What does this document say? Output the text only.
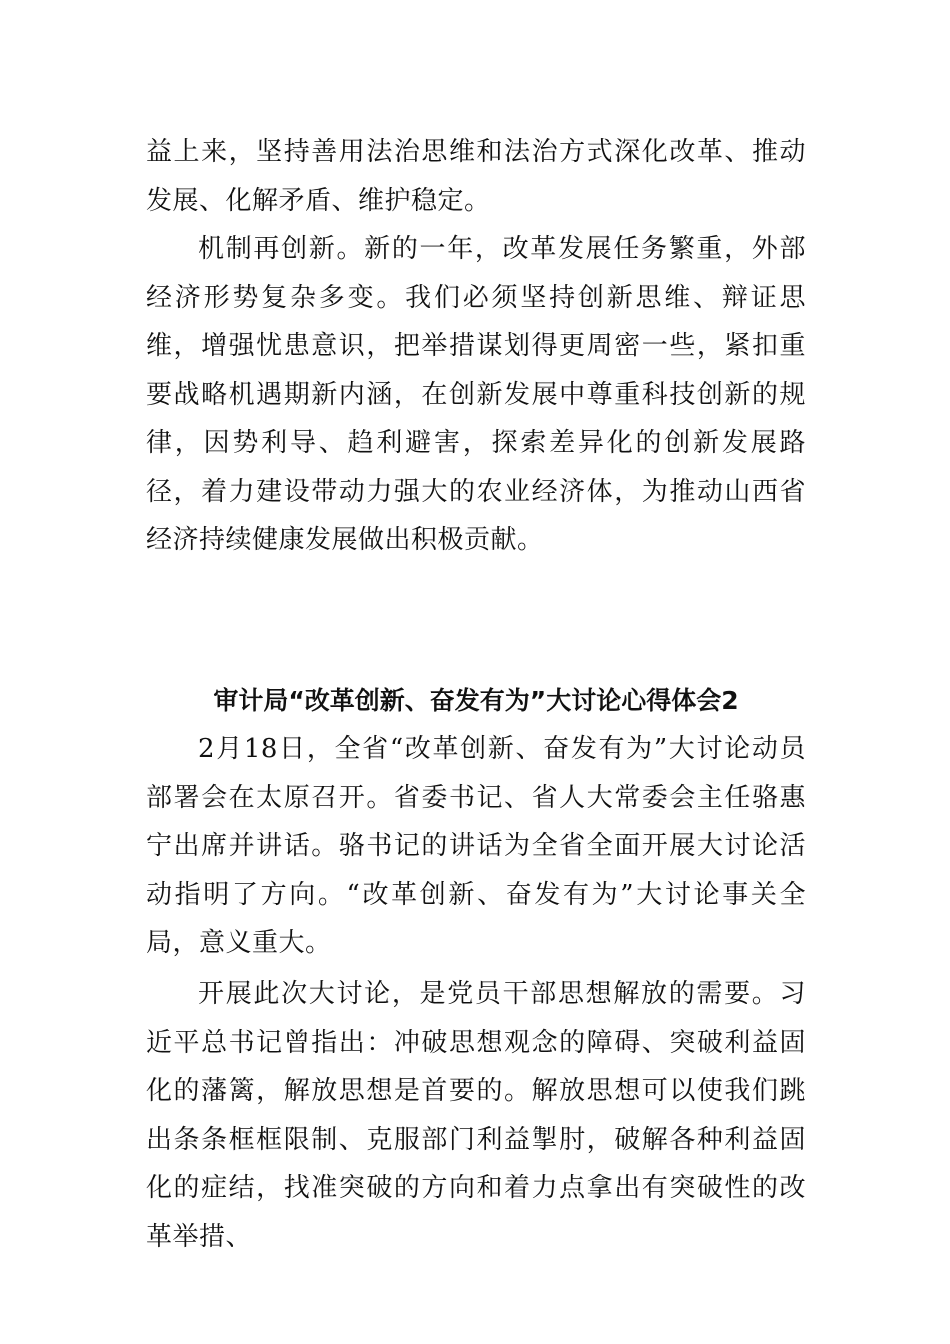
益上来，坚持善用法治思维和法治方式深化改革、推动发展、化解矛盾、维护稳定。

机制再创新。新的一年，改革发展任务繁重，外部经济形势复杂多变。我们必须坚持创新思维、辩证思维，增强忧患意识，把举措谋划得更周密一些，紧扣重要战略机遇期新内涵，在创新发展中尊重科技创新的规律，因势利导、趋利避害，探索差异化的创新发展路径，着力建设带动力强大的农业经济体，为推动山西省经济持续健康发展做出积极贡献。

审计局“改革创新、奋发有为”大讨论心得体会2

2月18日，全省“改革创新、奋发有为”大讨论动员部署会在太原召开。省委书记、省人大常委会主任骆惠宁出席并讲话。骆书记的讲话为全省全面开展大讨论活动指明了方向。“改革创新、奋发有为”大讨论事关全局，意义重大。

开展此次大讨论，是党员干部思想解放的需要。习近平总书记曾指出：冲破思想观念的障碍、突破利益固化的藩篱，解放思想是首要的。解放思想可以使我们跳出条条框框限制、克服部门利益掣肘，破解各种利益固化的症结，找准突破的方向和着力点拿出有突破性的改革举措、
